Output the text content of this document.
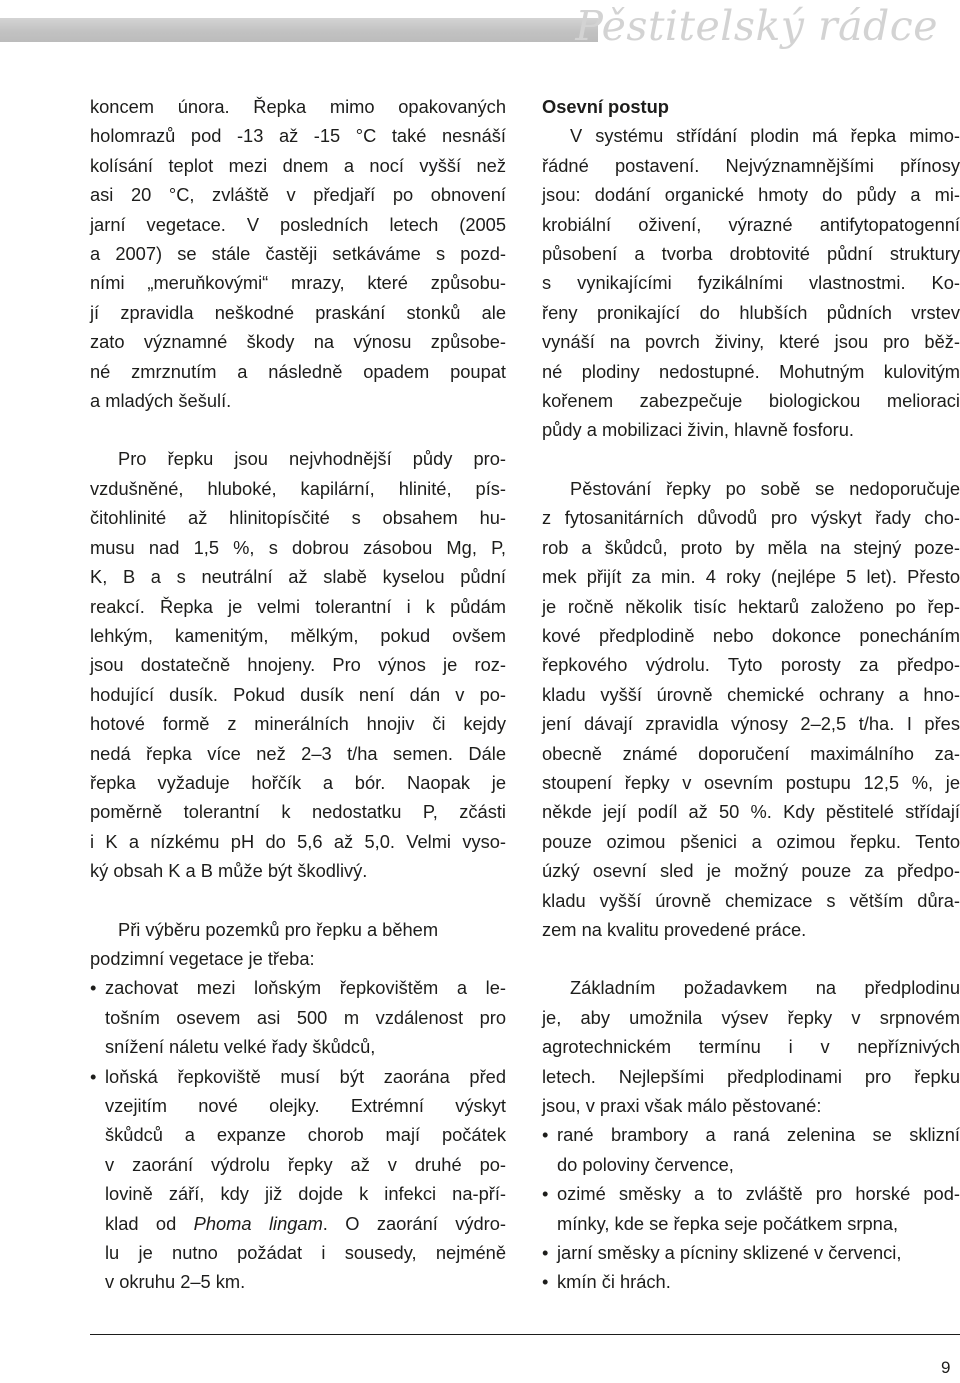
Pěstitelský rádce
koncem února. Řepka mimo opakovaných
holomrazů pod -13 až -15 °C také nesnáší
kolísání teplot mezi dnem a nocí vyšší než
asi 20 °C, zvláště v předjaří po obnovení
jarní vegetace. V posledních letech (2005
a 2007) se stále častěji setkáváme s pozd-
ními „meruňkovými“ mrazy, které způsobu-
jí zpravidla neškodné praskání stonků ale
zato významné škody na výnosu způsobe-
né zmrznutím a následně opadem poupat
a mladých šešulí.
Pro řepku jsou nejvhodnější půdy pro-
vzdušněné, hluboké, kapilární, hlinité, pís-
čitohlinité až hlinitopísčité s obsahem hu-
musu nad 1,5 %, s dobrou zásobou Mg, P,
K, B a s neutrální až slabě kyselou půdní
reakcí. Řepka je velmi tolerantní i k půdám
lehkým, kamenitým, mělkým, pokud ovšem
jsou dostatečně hnojeny. Pro výnos je roz-
hodující dusík. Pokud dusík není dán v po-
hotové formě z minerálních hnojiv či kejdy
nedá řepka více než 2–3 t/ha semen. Dále
řepka vyžaduje hořčík a bór. Naopak je
poměrně tolerantní k nedostatku P, zčásti
i K a nízkému pH do 5,6 až 5,0. Velmi vyso-
ký obsah K a B může být škodlivý.
Při výběru pozemků pro řepku a během
podzimní vegetace je třeba:
• zachovat mezi loňským řepkovištěm a le-
tošním osevem asi 500 m vzdálenost pro
snížení náletu velké řady škůdců,
• loňská řepkoviště musí být zaorána před
vzejitím nové olejky. Extrémní výskyt
škůdců a expanze chorob mají počátek
v zaorání výdrolu řepky až v druhé po-
lovině září, kdy již dojde k infekci na-pří-
klad od Phoma lingam. O zaorání výdro-
lu je nutno požádat i sousedy, nejméně
v okruhu 2–5 km.
Osevní postup
V systému střídání plodin má řepka mimo-
řádné postavení. Nejvýznamnějšími přínosy
jsou: dodání organické hmoty do půdy a mi-
krobiální oživení, výrazné antifytopatogenní
působení a tvorba drobtovité půdní struktury
s vynikajícími fyzikálními vlastnostmi. Ko-
řeny pronikající do hlubších půdních vrstev
vynáší na povrch živiny, které jsou pro běž-
né plodiny nedostupné. Mohutným kulovitým
kořenem zabezpečuje biologickou melioraci
půdy a mobilizaci živin, hlavně fosforu.
Pěstování řepky po sobě se nedoporučuje
z fytosanitárních důvodů pro výskyt řady cho-
rob a škůdců, proto by měla na stejný poze-
mek přijít za min. 4 roky (nejlépe 5 let). Přesto
je ročně několik tisíc hektarů založeno po řep-
kové předplodině nebo dokonce ponecháním
řepkového výdrolu. Tyto porosty za předpo-
kladu vyšší úrovně chemické ochrany a hno-
jení dávají zpravidla výnosy 2–2,5 t/ha. I přes
obecně známé doporučení maximálního za-
stoupení řepky v osevním postupu 12,5 %, je
někde její podíl až 50 %. Kdy pěstitelé střídají
pouze ozimou pšenici a ozimou řepku. Tento
úzký osevní sled je možný pouze za předpo-
kladu vyšší úrovně chemizace s větším důra-
zem na kvalitu provedené práce.
Základním požadavkem na předplodinu
je, aby umožnila výsev řepky v srpnovém
agrotechnickém termínu i v nepříznivých
letech. Nejlepšími předplodinami pro řepku
jsou, v praxi však málo pěstované:
• rané brambory a raná zelenina se sklizní
do poloviny července,
• ozimé směsky a to zvláště pro horské pod-
mínky, kde se řepka seje počátkem srpna,
• jarní směsky a pícniny sklizené v červenci,
• kmín či hrách.
9
